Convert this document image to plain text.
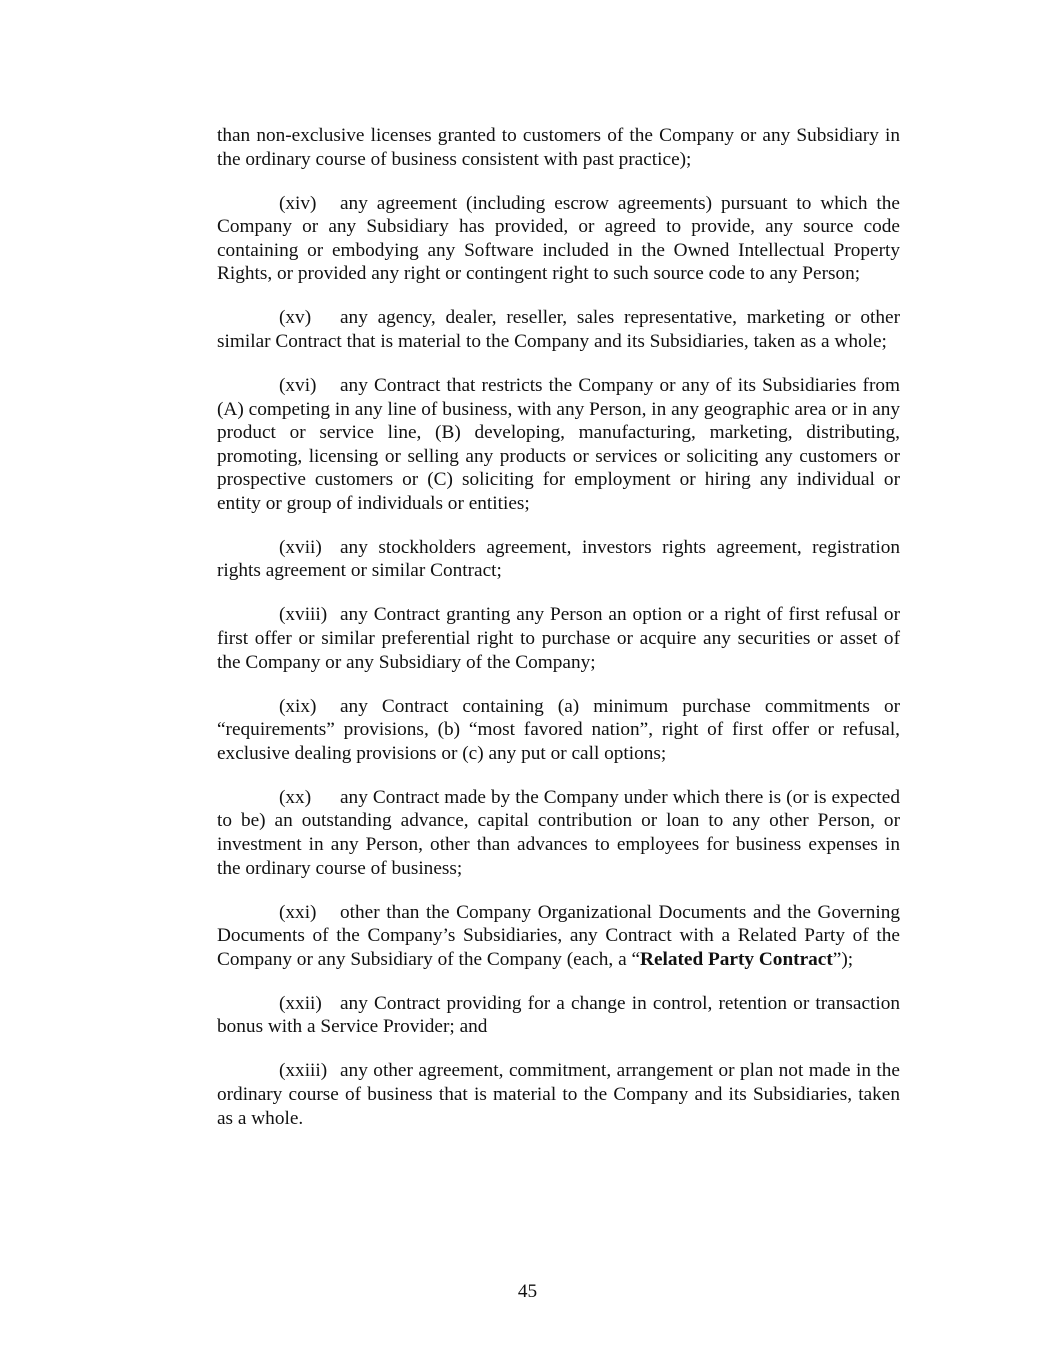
than non-exclusive licenses granted to customers of the Company or any Subsidiary in the ordinary course of business consistent with past practice);

(xiv) any agreement (including escrow agreements) pursuant to which the Company or any Subsidiary has provided, or agreed to provide, any source code containing or embodying any Software included in the Owned Intellectual Property Rights, or provided any right or contingent right to such source code to any Person;

(xv) any agency, dealer, reseller, sales representative, marketing or other similar Contract that is material to the Company and its Subsidiaries, taken as a whole;

(xvi) any Contract that restricts the Company or any of its Subsidiaries from (A) competing in any line of business, with any Person, in any geographic area or in any product or service line, (B) developing, manufacturing, marketing, distributing, promoting, licensing or selling any products or services or soliciting any customers or prospective customers or (C) soliciting for employment or hiring any individual or entity or group of individuals or entities;

(xvii) any stockholders agreement, investors rights agreement, registration rights agreement or similar Contract;

(xviii) any Contract granting any Person an option or a right of first refusal or first offer or similar preferential right to purchase or acquire any securities or asset of the Company or any Subsidiary of the Company;

(xix) any Contract containing (a) minimum purchase commitments or “requirements” provisions, (b) “most favored nation”, right of first offer or refusal, exclusive dealing provisions or (c) any put or call options;

(xx) any Contract made by the Company under which there is (or is expected to be) an outstanding advance, capital contribution or loan to any other Person, or investment in any Person, other than advances to employees for business expenses in the ordinary course of business;

(xxi) other than the Company Organizational Documents and the Governing Documents of the Company’s Subsidiaries, any Contract with a Related Party of the Company or any Subsidiary of the Company (each, a “Related Party Contract”);

(xxii) any Contract providing for a change in control, retention or transaction bonus with a Service Provider; and

(xxiii) any other agreement, commitment, arrangement or plan not made in the ordinary course of business that is material to the Company and its Subsidiaries, taken as a whole.

45
